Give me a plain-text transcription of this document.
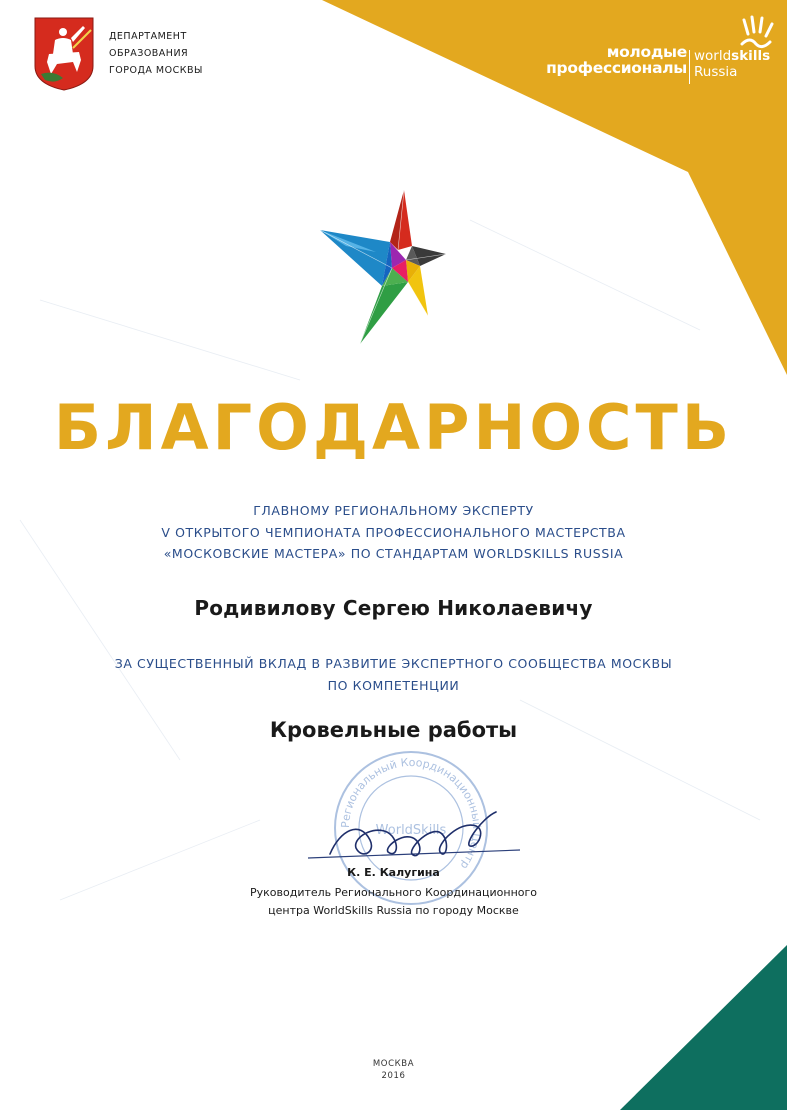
ДЕПАРТАМЕНТ
ОБРАЗОВАНИЯ
ГОРОДА МОСКВЫ
молодые
профессионалы
worldskills
Russia
БЛАГОДАРНОСТЬ
ГЛАВНОМУ РЕГИОНАЛЬНОМУ ЭКСПЕРТУ
V ОТКРЫТОГО ЧЕМПИОНАТА ПРОФЕССИОНАЛЬНОГО МАСТЕРСТВА
«МОСКОВСКИЕ МАСТЕРА» ПО СТАНДАРТАМ WORLDSKILLS RUSSIA
Родивилову Сергею Николаевичу
ЗА СУЩЕСТВЕННЫЙ ВКЛАД В РАЗВИТИЕ ЭКСПЕРТНОГО СООБЩЕСТВА МОСКВЫ
ПО КОМПЕТЕНЦИИ
Кровельные работы
Региональный Координационный Центр
WorldSkills
К. Е. Калугина
Руководитель Регионального Координационного
центра WorldSkills Russia по городу Москве
МОСКВА
2016
